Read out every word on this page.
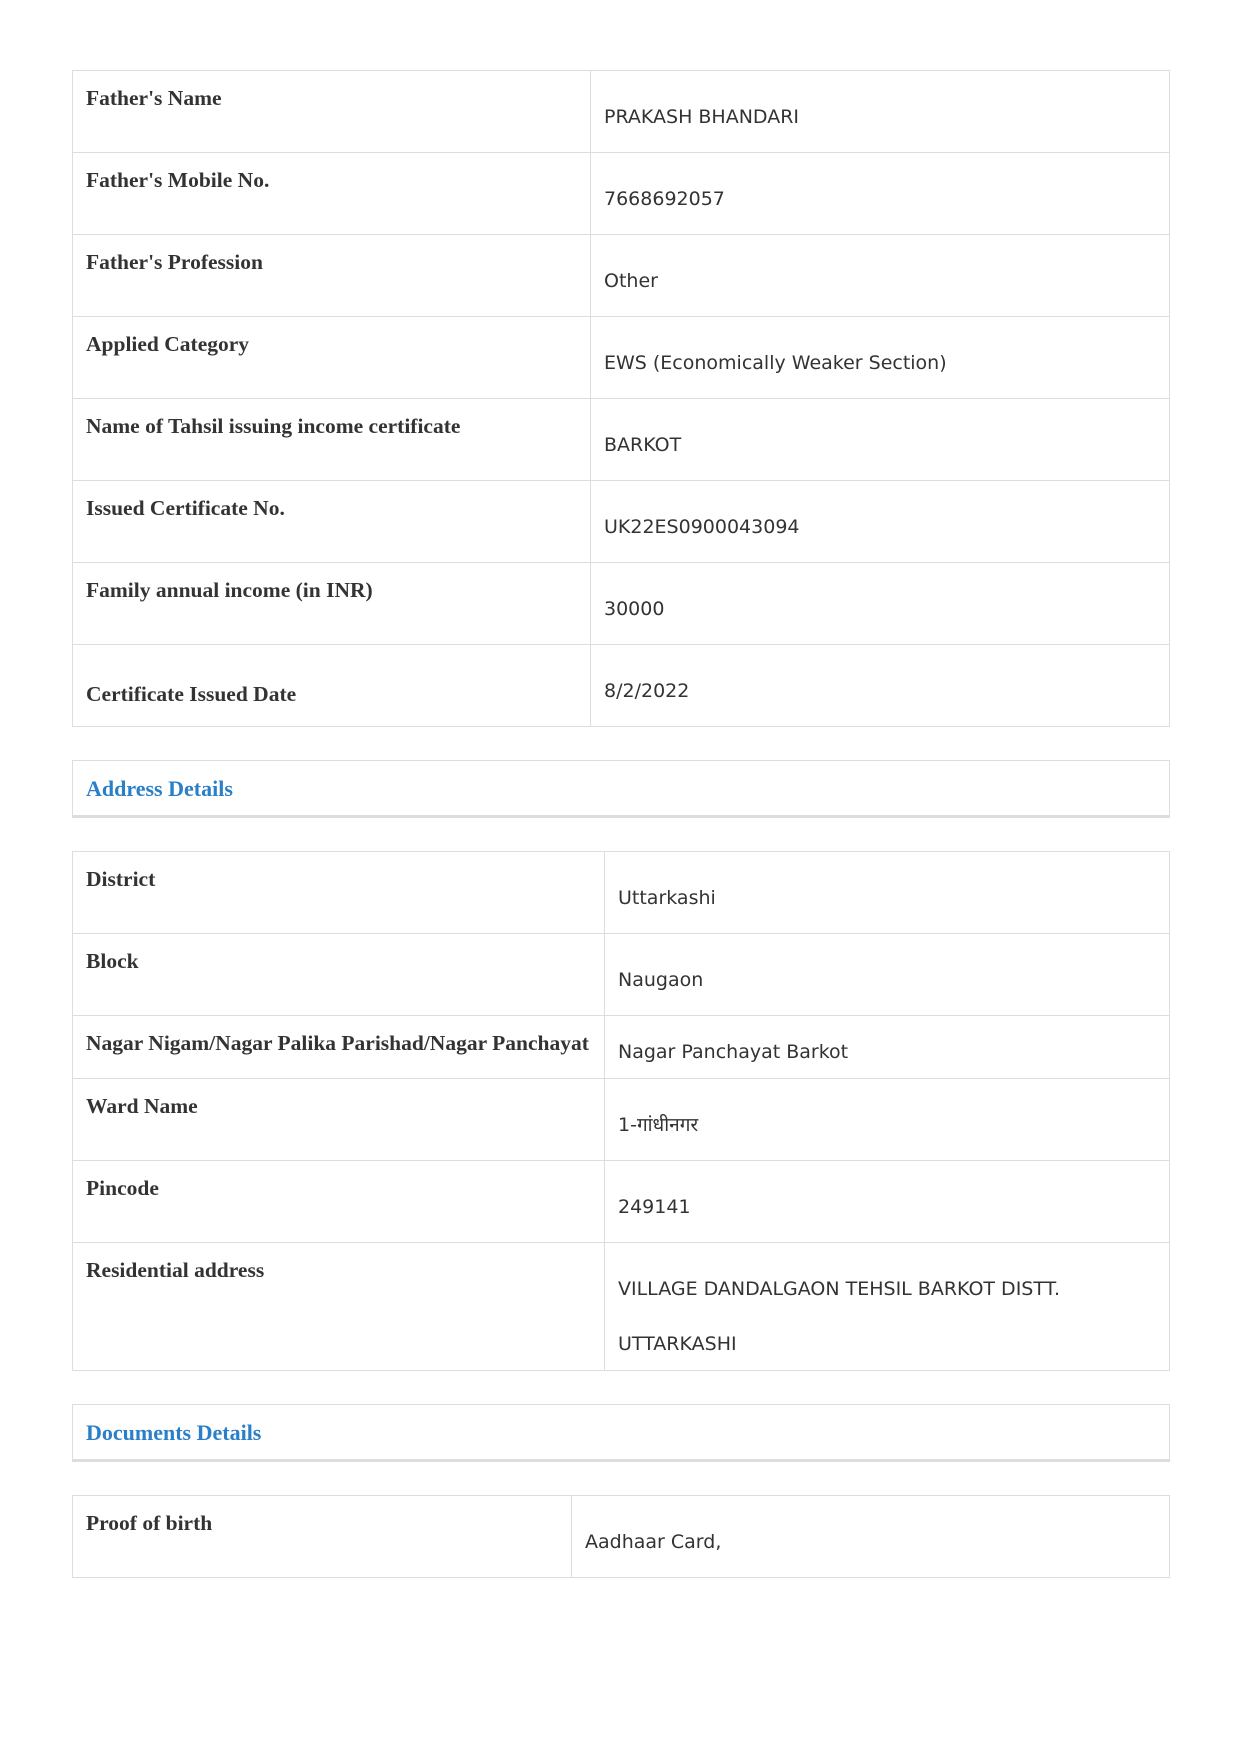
Father's Name	PRAKASH BHANDARI
Father's Mobile No.	7668692057
Father's Profession	Other
Applied Category	EWS (Economically Weaker Section)
Name of Tahsil issuing income certificate	BARKOT
Issued Certificate No.	UK22ES0900043094
Family annual income (in INR)	30000
Certificate Issued Date	8/2/2022
Address Details
District	Uttarkashi
Block	Naugaon
Nagar Nigam/Nagar Palika Parishad/Nagar Panchayat	Nagar Panchayat Barkot
Ward Name	1-गांधीनगर
Pincode	249141
Residential address	VILLAGE DANDALGAON TEHSIL BARKOT DISTT.
UTTARKASHI
Documents Details
Proof of birth	Aadhaar Card,
